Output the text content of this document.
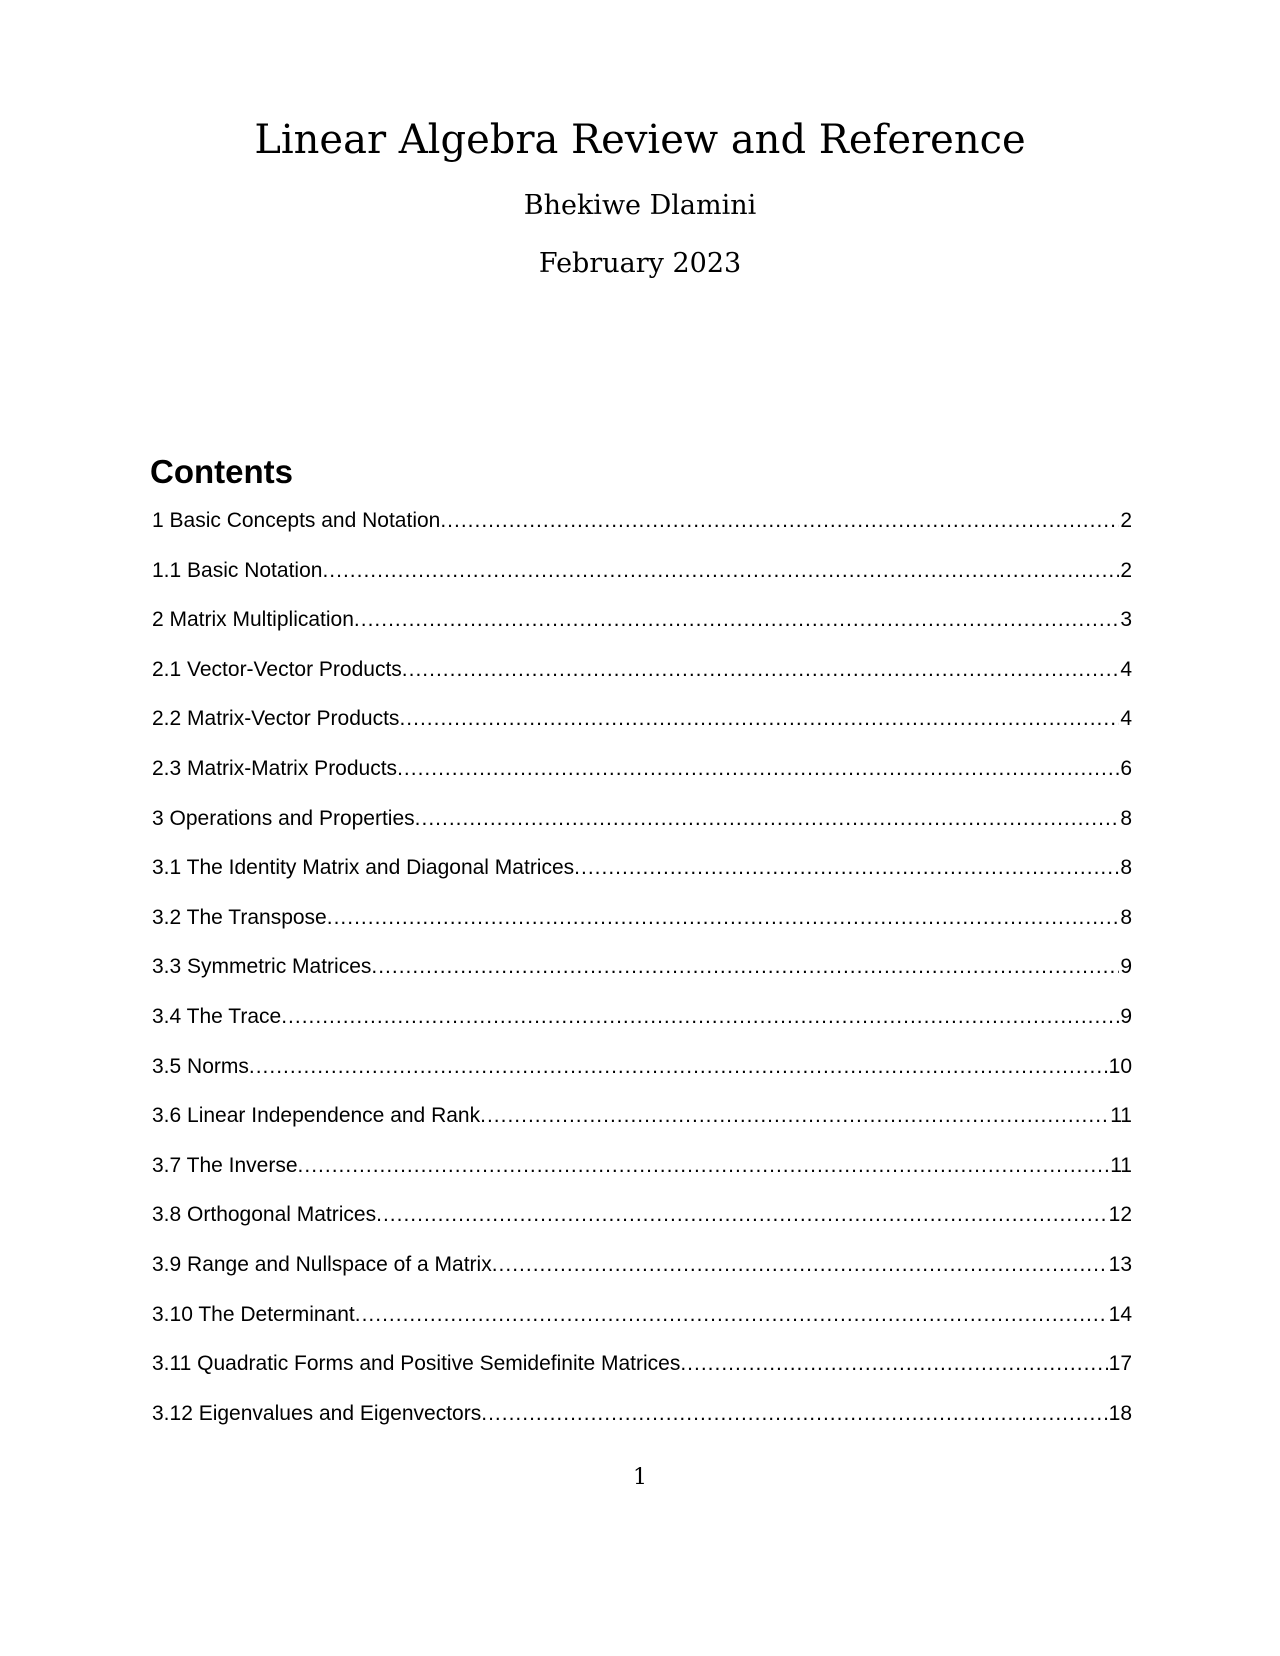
Linear Algebra Review and Reference
Bhekiwe Dlamini
February 2023
Contents
1 Basic Concepts and Notation .....	2
1.1 Basic Notation .....	2
2 Matrix Multiplication .....	3
2.1 Vector-Vector Products .....	4
2.2 Matrix-Vector Products .....	4
2.3 Matrix-Matrix Products .....	6
3 Operations and Properties .....	8
3.1 The Identity Matrix and Diagonal Matrices .....	8
3.2 The Transpose .....	8
3.3 Symmetric Matrices .....	9
3.4 The Trace .....	9
3.5 Norms .....	10
3.6 Linear Independence and Rank .....	11
3.7 The Inverse .....	11
3.8 Orthogonal Matrices .....	12
3.9 Range and Nullspace of a Matrix .....	13
3.10 The Determinant .....	14
3.11 Quadratic Forms and Positive Semidefinite Matrices .....	17
3.12 Eigenvalues and Eigenvectors .....	18
1
